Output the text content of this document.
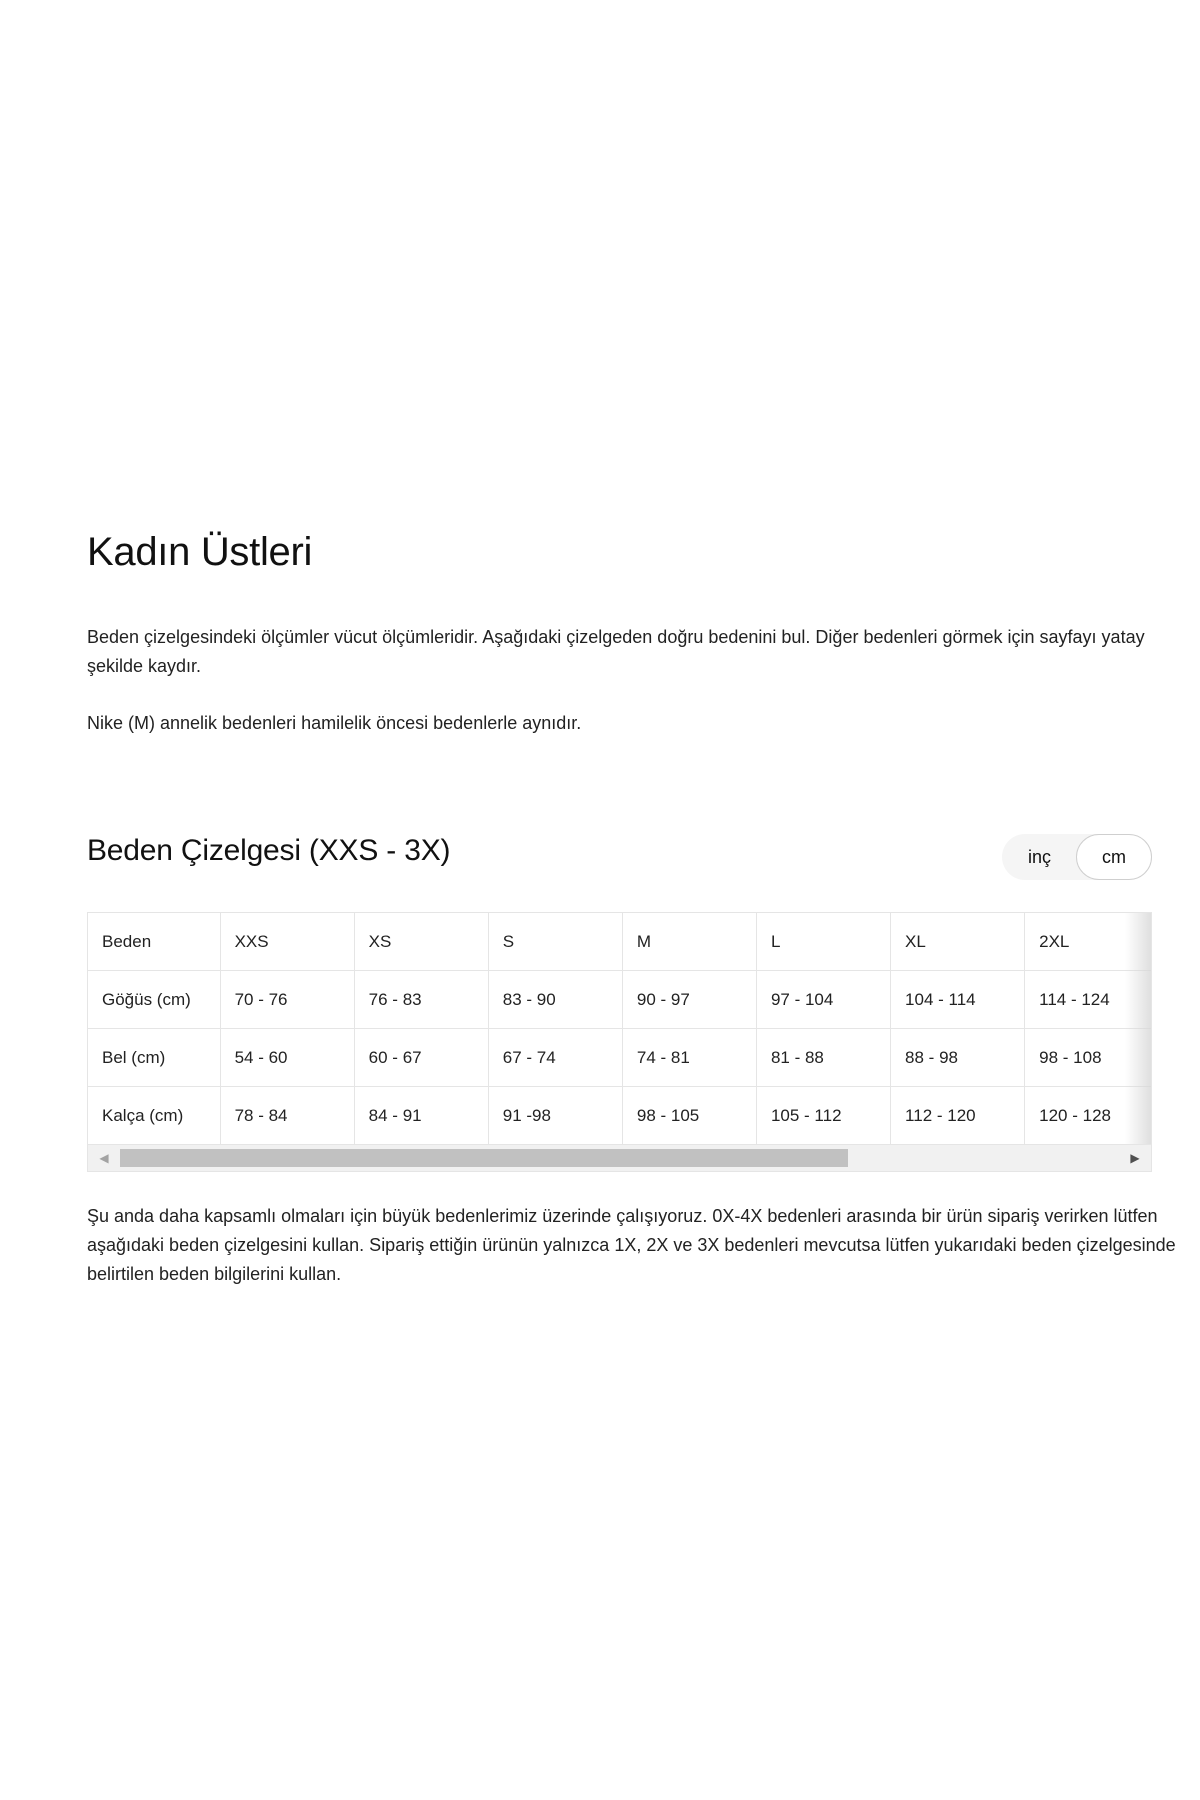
Kadın Üstleri

Beden çizelgesindeki ölçümler vücut ölçümleridir. Aşağıdaki çizelgeden doğru bedenini bul. Diğer bedenleri görmek için sayfayı yatay şekilde kaydır.

Nike (M) annelik bedenleri hamilelik öncesi bedenlerle aynıdır.

Beden Çizelgesi (XXS - 3X)	inç	cm
Beden	XXS	XS	S	M	L	XL	2XL	
Göğüs (cm)	70 - 76	76 - 83	83 - 90	90 - 97	97 - 104	104 - 114	114 - 124	
Bel (cm)	54 - 60	60 - 67	67 - 74	74 - 81	81 - 88	88 - 98	98 - 108	
Kalça (cm)	78 - 84	84 - 91	91 -98	98 - 105	105 - 112	112 - 120	120 - 128	
◀	▶

Şu anda daha kapsamlı olmaları için büyük bedenlerimiz üzerinde çalışıyoruz. 0X-4X bedenleri arasında bir ürün sipariş verirken lütfen aşağıdaki beden çizelgesini kullan. Sipariş ettiğin ürünün yalnızca 1X, 2X ve 3X bedenleri mevcutsa lütfen yukarıdaki beden çizelgesinde belirtilen beden bilgilerini kullan.
